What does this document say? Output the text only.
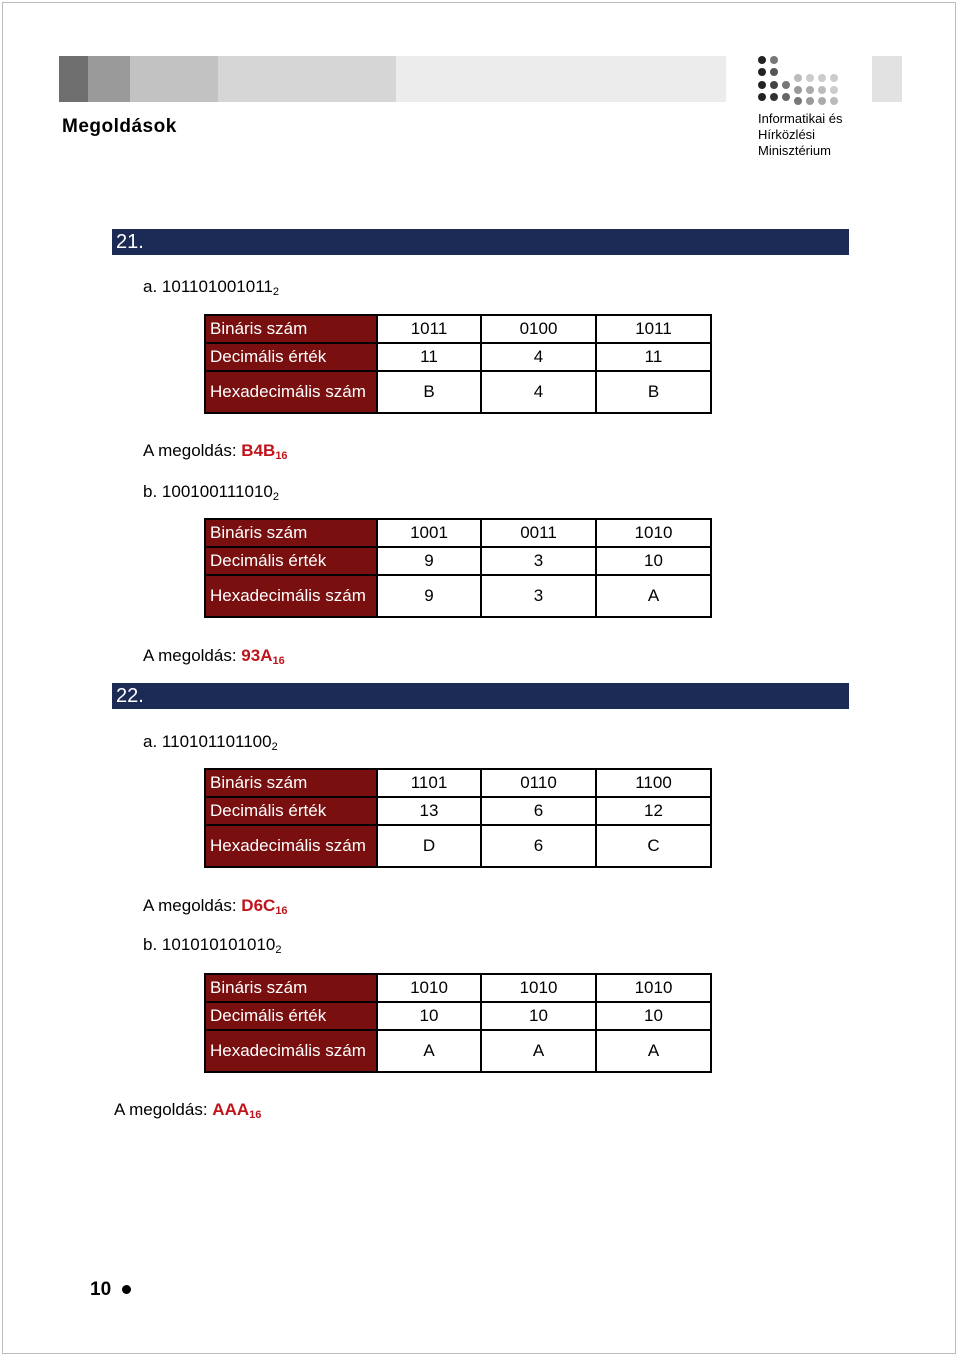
Informatikai és
Hírközlési
Minisztérium
Megoldások
21.
a. $101101001011_2$
Bináris szám	1011	0100	1011
Decimális érték	11	4	11
Hexadecimális szám	B	4	B
A megoldás: $B4B_{16}$
b. $100100111010_2$
Bináris szám	1001	0011	1010
Decimális érték	9	3	10
Hexadecimális szám	9	3	A
A megoldás: $93A_{16}$
22.
a. $110101101100_2$
Bináris szám	1101	0110	1100
Decimális érték	13	6	12
Hexadecimális szám	D	6	C
A megoldás: $D6C_{16}$
b. $101010101010_2$
Bináris szám	1010	1010	1010
Decimális érték	10	10	10
Hexadecimális szám	A	A	A
A megoldás: $AAA_{16}$
10
